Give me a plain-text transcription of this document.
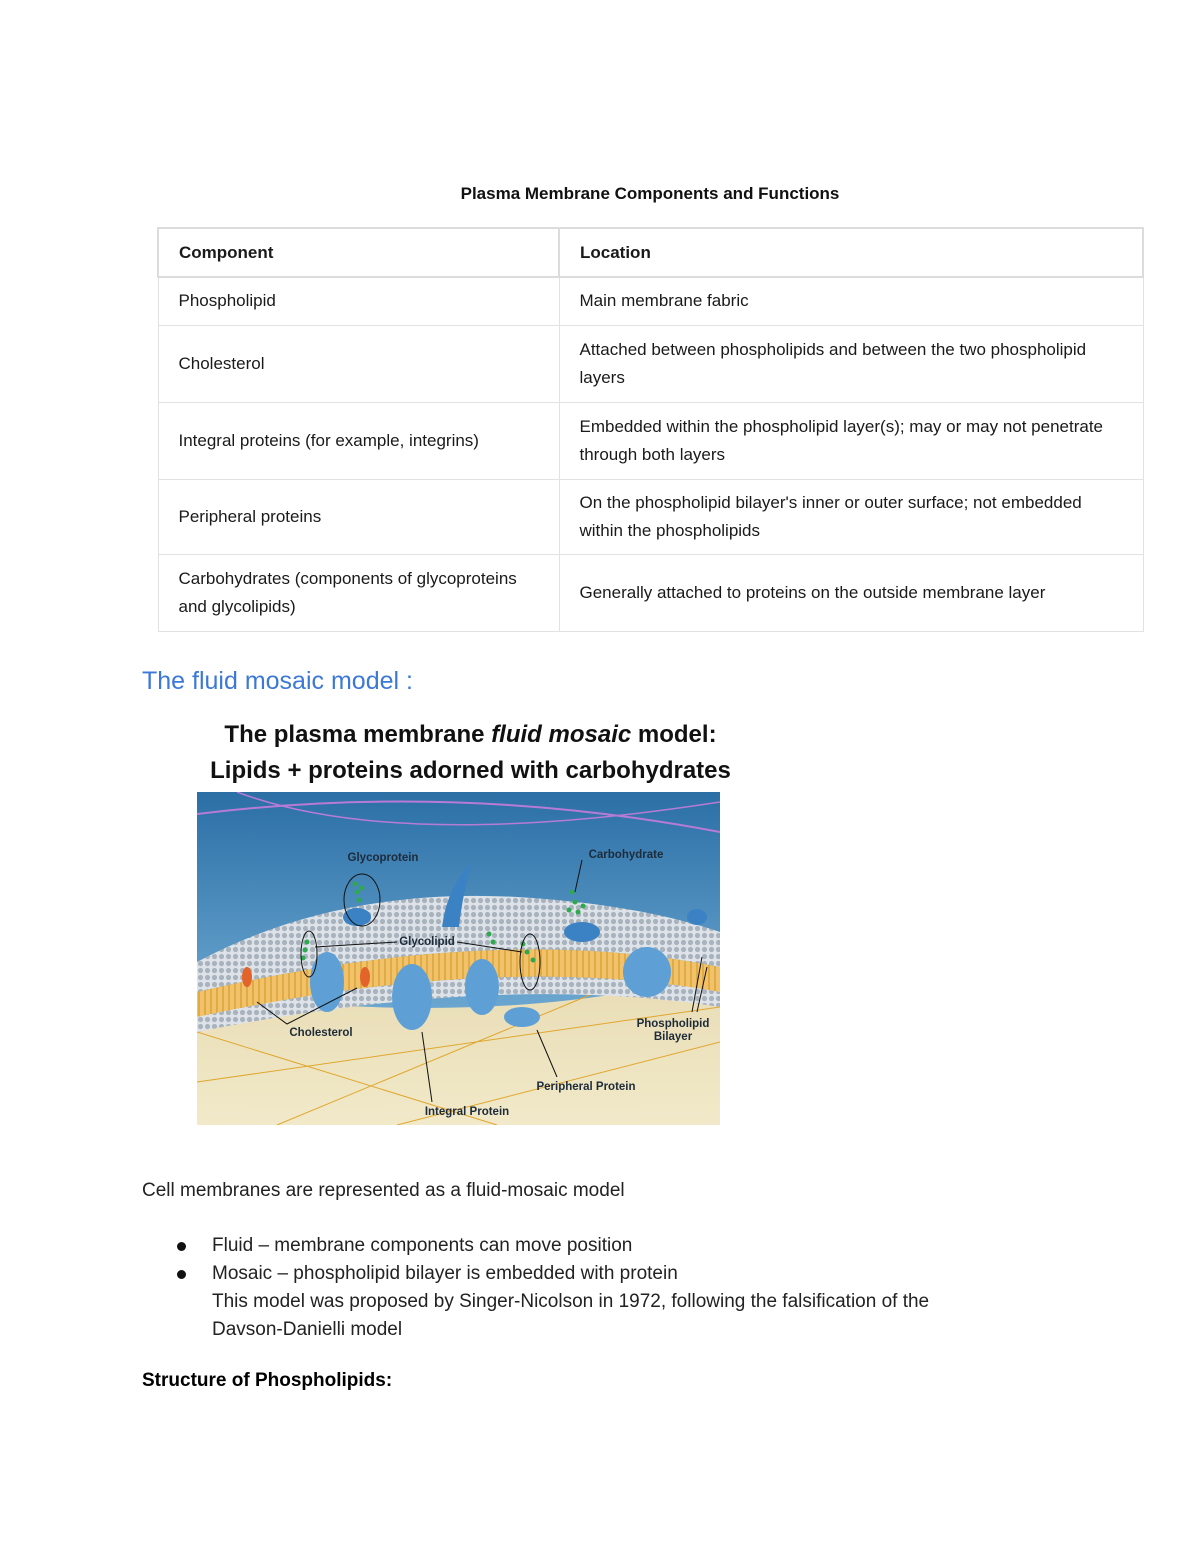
Plasma Membrane Components and Functions
Component	Location
Phospholipid	Main membrane fabric
Cholesterol	Attached between phospholipids and between the two phospholipid layers
Integral proteins (for example, integrins)	Embedded within the phospholipid layer(s); may or may not penetrate through both layers
Peripheral proteins	On the phospholipid bilayer's inner or outer surface; not embedded within the phospholipids
Carbohydrates (components of glycoproteins and glycolipids)	Generally attached to proteins on the outside membrane layer
The fluid mosaic model :
The plasma membrane fluid mosaic model:
Lipids + proteins adorned with carbohydrates
Glycoprotein	Carbohydrate
Glycolipid
Cholesterol
Phospholipid
Bilayer
Peripheral Protein
Integral Protein

Cell membranes are represented as a fluid-mosaic model

Fluid – membrane components can move position
Mosaic – phospholipid bilayer is embedded with protein
This model was proposed by Singer-Nicolson in 1972, following the falsification of the
Davson-Danielli model

Structure of Phospholipids:
